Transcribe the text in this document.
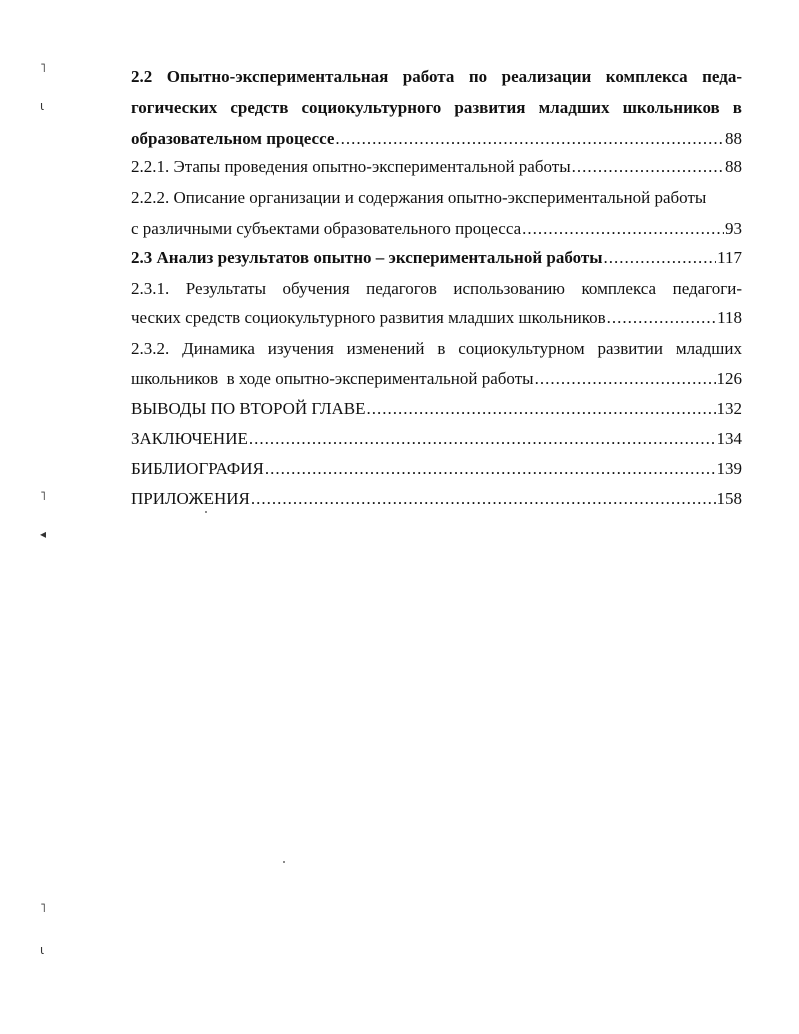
˥
ι
˥
◂
˥
ι
2.2 Опытно-экспериментальная работа по реализации комплекса педа-
гогических средств социокультурного развития младших школьников в
образовательном процессе .....	88
2.2.1. Этапы проведения опытно-экспериментальной работы .....	88
2.2.2. Описание организации и содержания опытно-экспериментальной работы
с различными субъектами образовательного процесса .....	93
2.3 Анализ результатов опытно – экспериментальной работы .....	117
2.3.1. Результаты обучения педагогов использованию комплекса педагоги-
ческих средств социокультурного развития младших школьников .....	118
2.3.2. Динамика изучения изменений в социокультурном развитии младших
школьников  в ходе опытно-экспериментальной работы .....	126
ВЫВОДЫ ПО ВТОРОЙ ГЛАВЕ .....	132
ЗАКЛЮЧЕНИЕ .....	134
БИБЛИОГРАФИЯ .....	139
ПРИЛОЖЕНИЯ .....	158
